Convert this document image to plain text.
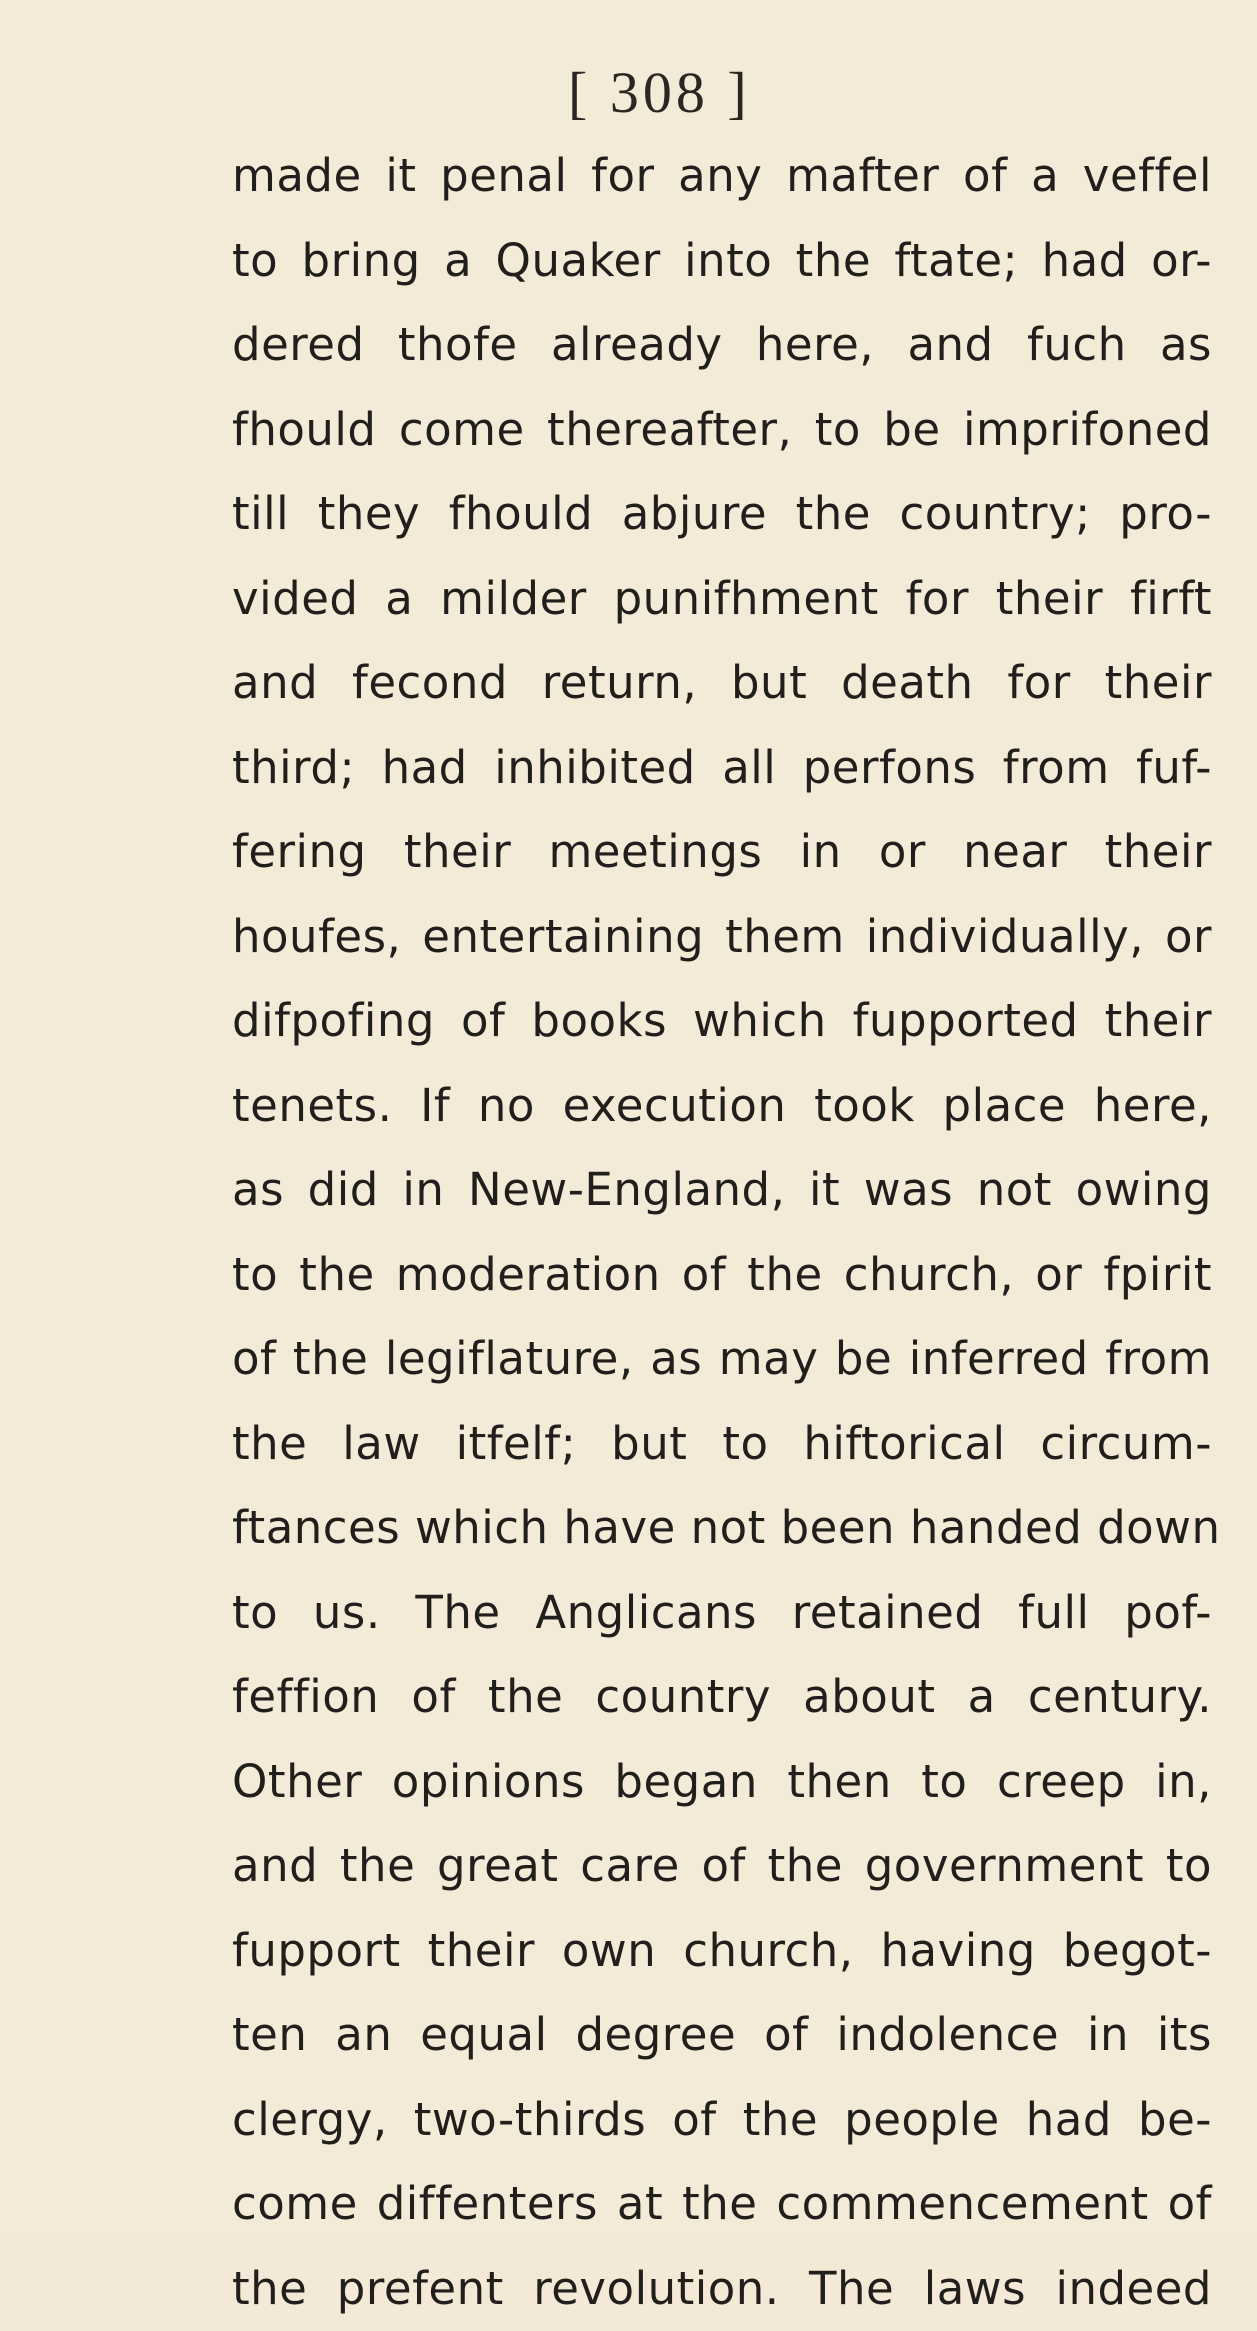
[ 308 ]
made it penal for any mafter of a veffel
to bring a Quaker into the ftate; had or-
dered thofe already here, and fuch as
fhould come thereafter, to be imprifoned
till they fhould abjure the country; pro-
vided a milder punifhment for their firft
and fecond return, but death for their
third; had inhibited all perfons from fuf-
fering their meetings in or near their
houfes, entertaining them individually, or
difpofing of books which fupported their
tenets. If no execution took place here,
as did in New-England, it was not owing
to the moderation of the church, or fpirit
of the legiflature, as may be inferred from
the law itfelf; but to hiftorical circum-
ftances which have not been handed down
to us. The Anglicans retained full pof-
feffion of the country about a century.
Other opinions began then to creep in,
and the great care of the government to
fupport their own church, having begot-
ten an equal degree of indolence in its
clergy, two-thirds of the people had be-
come diffenters at the commencement of
the prefent revolution. The laws indeed
